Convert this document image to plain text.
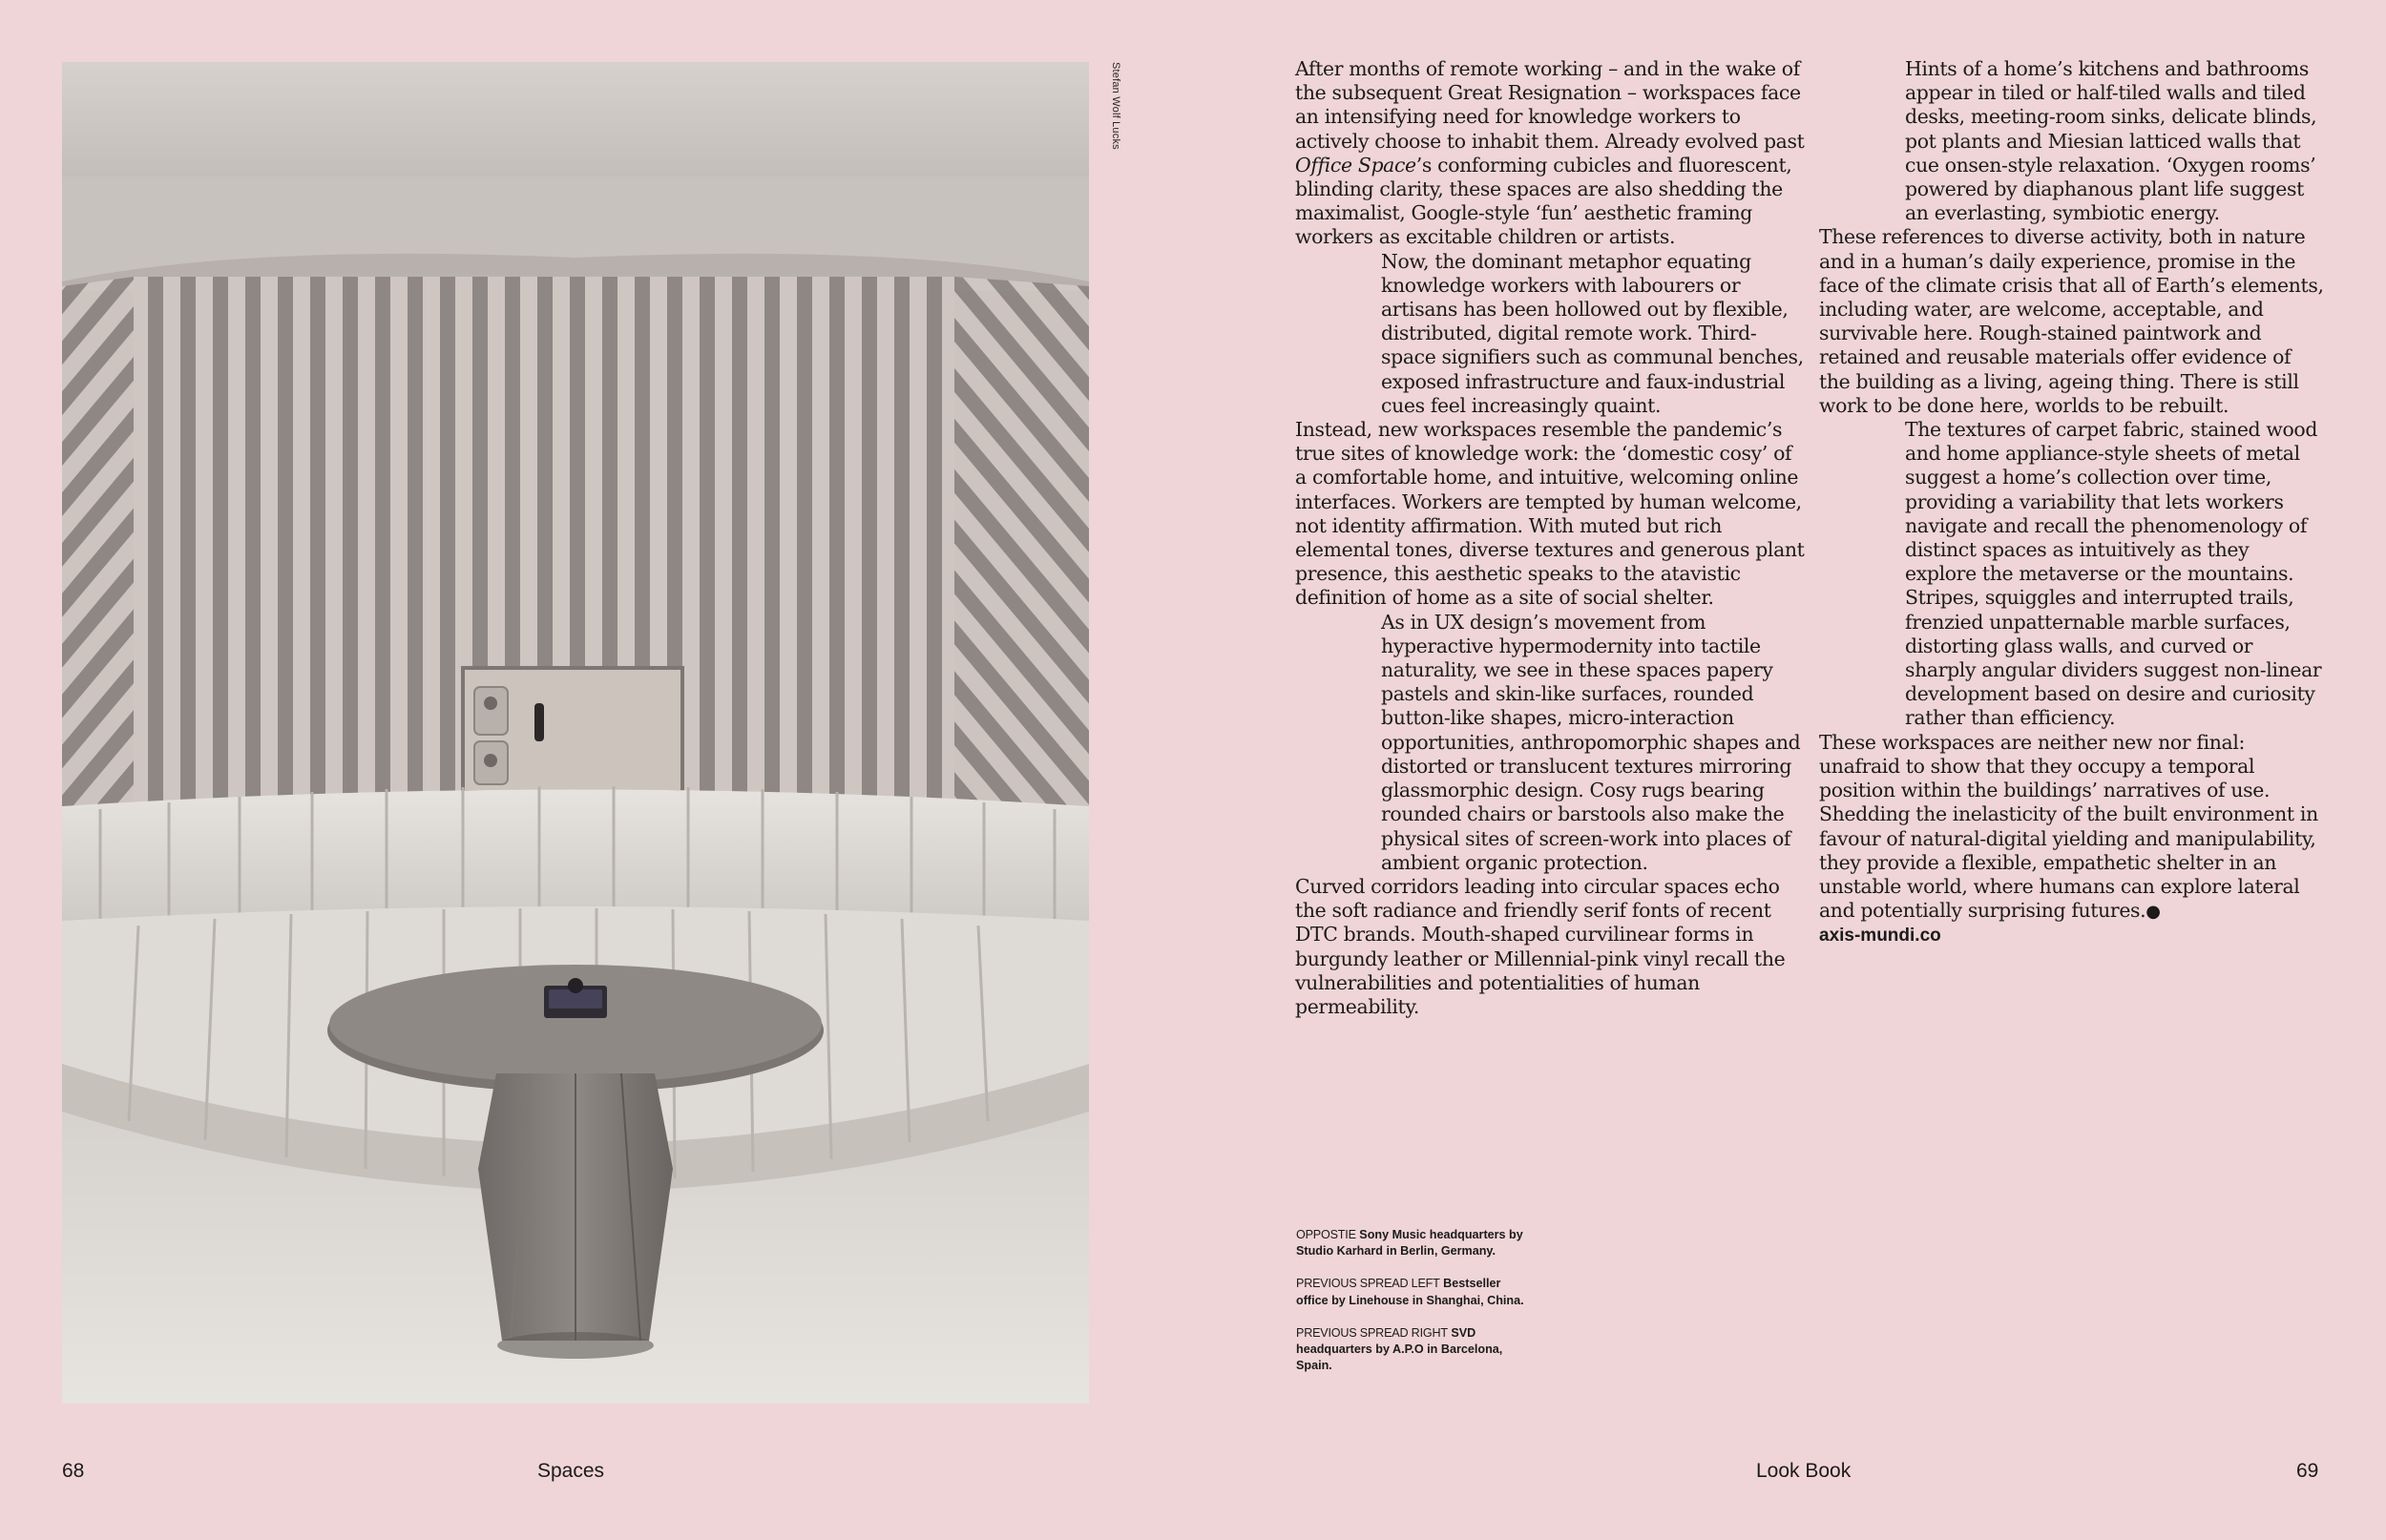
Stefan Wolf Lucks	After months of remote working – and in the wake of the subsequent Great Resignation – workspaces face an intensifying need for knowledge workers to actively choose to inhabit them. Already evolved past Office Space’s conforming cubicles and fluorescent, blinding clarity, these spaces are also shedding the maximalist, Google-style ‘fun’ aesthetic framing workers as excitable children or artists.

Now, the dominant metaphor equating knowledge workers with labourers or artisans has been hollowed out by flexible, distributed, digital remote work. Third-space signifiers such as communal benches, exposed infrastructure and faux-industrial cues feel increasingly quaint.

Instead, new workspaces resemble the pandemic’s true sites of knowledge work: the ‘domestic cosy’ of a comfortable home, and intuitive, welcoming online interfaces. Workers are tempted by human welcome, not identity affirmation. With muted but rich elemental tones, diverse textures and generous plant presence, this aesthetic speaks to the atavistic definition of home as a site of social shelter.

As in UX design’s movement from hyperactive hypermodernity into tactile naturality, we see in these spaces papery pastels and skin-like surfaces, rounded button-like shapes, micro-interaction opportunities, anthropomorphic shapes and distorted or translucent textures mirroring glassmorphic design. Cosy rugs bearing rounded chairs or barstools also make the physical sites of screen-work into places of ambient organic protection.

Curved corridors leading into circular spaces echo the soft radiance and friendly serif fonts of recent DTC brands. Mouth-shaped curvilinear forms in burgundy leather or Millennial-pink vinyl recall the vulnerabilities and potentialities of human permeability.

Hints of a home’s kitchens and bathrooms appear in tiled or half-tiled walls and tiled desks, meeting-room sinks, delicate blinds, pot plants and Miesian latticed walls that cue onsen-style relaxation. ‘Oxygen rooms’ powered by diaphanous plant life suggest an everlasting, symbiotic energy.

These references to diverse activity, both in nature and in a human’s daily experience, promise in the face of the climate crisis that all of Earth’s elements, including water, are welcome, acceptable, and survivable here. Rough-stained paintwork and retained and reusable materials offer evidence of the building as a living, ageing thing. There is still work to be done here, worlds to be rebuilt.

The textures of carpet fabric, stained wood and home appliance-style sheets of metal suggest a home’s collection over time, providing a variability that lets workers navigate and recall the phenomenology of distinct spaces as intuitively as they explore the metaverse or the mountains. Stripes, squiggles and interrupted trails, frenzied unpatternable marble surfaces, distorting glass walls, and curved or sharply angular dividers suggest non-linear development based on desire and curiosity rather than efficiency.

These workspaces are neither new nor final: unafraid to show that they occupy a temporal position within the buildings’ narratives of use. Shedding the inelasticity of the built environment in favour of natural-digital yielding and manipulability, they provide a flexible, empathetic shelter in an unstable world, where humans can explore lateral and potentially surprising futures.●

axis-mundi.co

OPPOSTIE Sony Music headquarters by Studio Karhard in Berlin, Germany.
PREVIOUS SPREAD LEFT Bestseller office by Linehouse in Shanghai, China.
PREVIOUS SPREAD RIGHT SVD headquarters by A.P.O in Barcelona, Spain.
68	Spaces	Look Book	69
